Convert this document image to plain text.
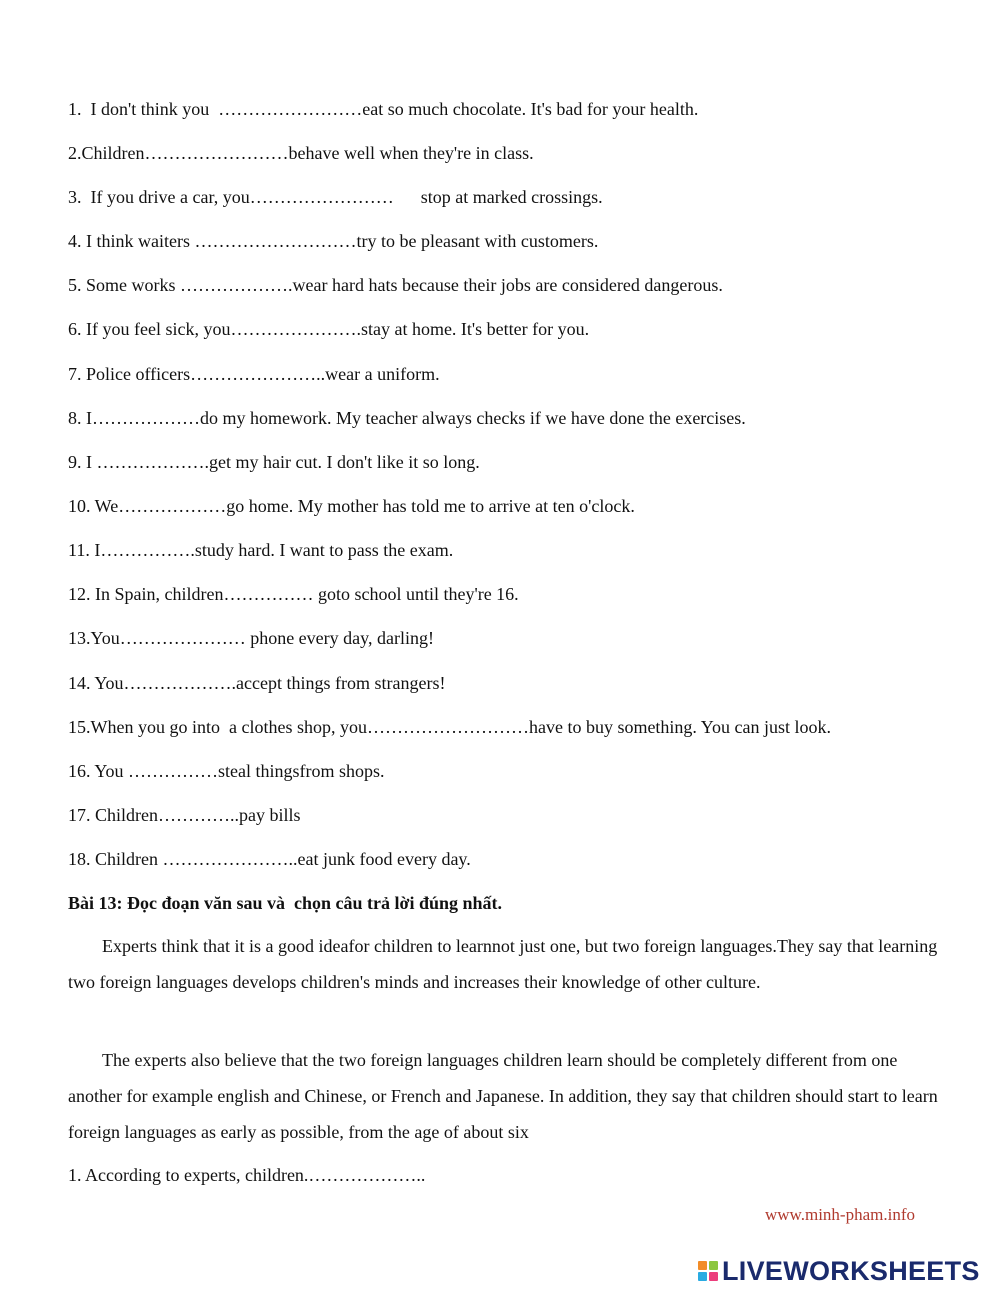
1.  I don't think you  ……………………eat so much chocolate. It's bad for your health.
2.Children……………………behave well when they're in class.
3.  If you drive a car, you……………………      stop at marked crossings.
4. I think waiters ………………………try to be pleasant with customers.
5. Some works ……………….wear hard hats because their jobs are considered dangerous.
6. If you feel sick, you………………….stay at home. It's better for you.
7. Police officers…………………..wear a uniform.
8. I………………do my homework. My teacher always checks if we have done the exercises.
9. I ……………….get my hair cut. I don't like it so long.
10. We………………go home. My mother has told me to arrive at ten o'clock.
11. I…………….study hard. I want to pass the exam.
12. In Spain, children…………… goto school until they're 16.
13.You………………… phone every day, darling!
14. You……………….accept things from strangers!
15.When you go into  a clothes shop, you………………………have to buy something. You can just look.
16. You ……………steal thingsfrom shops.
17. Children…………..pay bills
18. Children …………………..eat junk food every day.
Bài 13: Đọc đoạn văn sau và  chọn câu trả lời đúng nhất.

Experts think that it is a good ideafor children to learnnot just one, but two foreign languages.They say that learning two foreign languages develops children's minds and increases their knowledge of other culture.

The experts also believe that the two foreign languages children learn should be completely different from one another for example english and Chinese, or French and Japanese. In addition, they say that children should start to learn foreign languages as early as possible, from the age of about six

1. According to experts, children.………………..
www.minh-pham.info
LIVEWORKSHEETS
